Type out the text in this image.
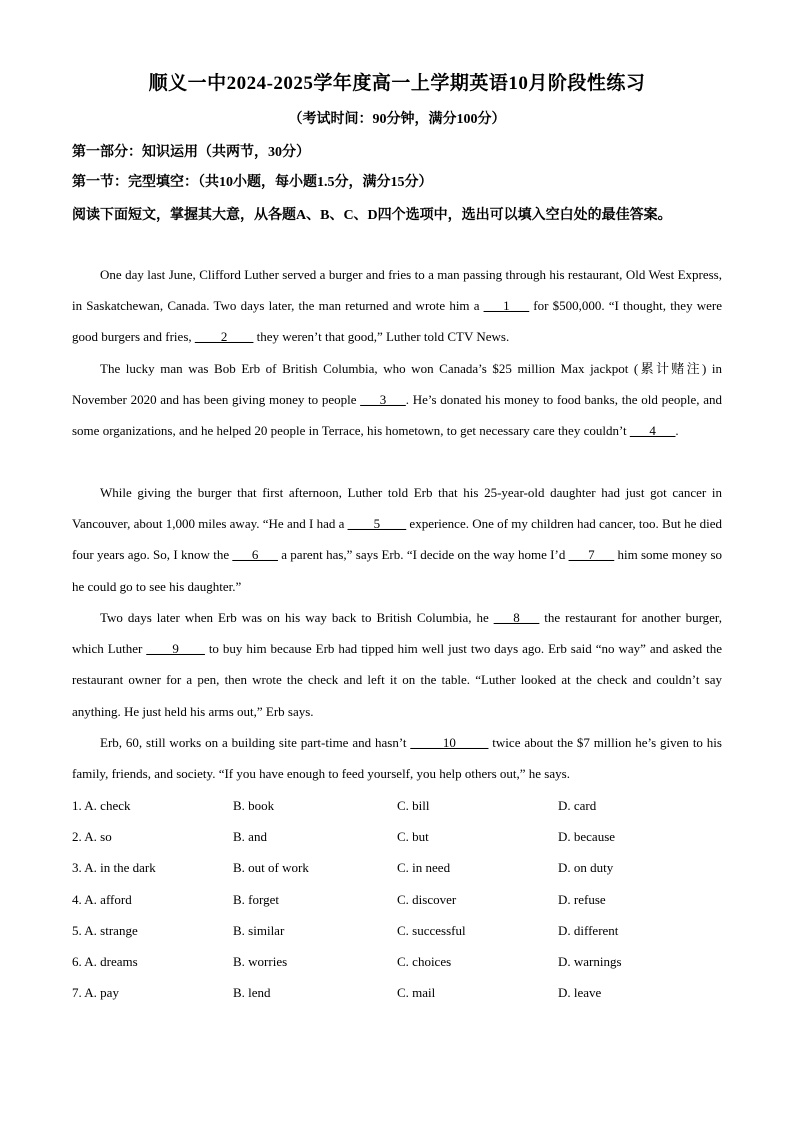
顺义一中2024-2025学年度高一上学期英语10月阶段性练习
（考试时间：90分钟，满分100分）
第一部分：知识运用（共两节，30分）
第一节：完型填空：（共10小题，每小题1.5分，满分15分）
阅读下面短文，掌握其大意，从各题A、B、C、D四个选项中，选出可以填入空白处的最佳答案。
One day last June, Clifford Luther served a burger and fries to a man passing through his restaurant, Old West Express, in Saskatchewan, Canada. Two days later, the man returned and wrote him a ___1___ for $500,000. “I thought, they were good burgers and fries, ____2____ they weren’t that good,” Luther told CTV News.
The lucky man was Bob Erb of British Columbia, who won Canada’s $25 million Max jackpot (累计赌注) in November 2020 and has been giving money to people ___3___. He’s donated his money to food banks, the old people, and some organizations, and he helped 20 people in Terrace, his hometown, to get necessary care they couldn’t ___4___.
While giving the burger that first afternoon, Luther told Erb that his 25-year-old daughter had just got cancer in Vancouver, about 1,000 miles away. “He and I had a ____5____ experience. One of my children had cancer, too. But he died four years ago. So, I know the ___6___ a parent has,” says Erb. “I decide on the way home I’d ___7___ him some money so he could go to see his daughter.”
Two days later when Erb was on his way back to British Columbia, he ___8___ the restaurant for another burger, which Luther ____9____ to buy him because Erb had tipped him well just two days ago. Erb said “no way” and asked the restaurant owner for a pen, then wrote the check and left it on the table. “Luther looked at the check and couldn’t say anything. He just held his arms out,” Erb says.
Erb, 60, still works on a building site part-time and hasn’t _____10_____ twice about the $7 million he’s given to his family, friends, and society. “If you have enough to feed yourself, you help others out,” he says.
1. A. check	B. book	C. bill	D. card
2. A. so	B. and	C. but	D. because
3. A. in the dark	B. out of work	C. in need	D. on duty
4. A. afford	B. forget	C. discover	D. refuse
5. A. strange	B. similar	C. successful	D. different
6. A. dreams	B. worries	C. choices	D. warnings
7. A. pay	B. lend	C. mail	D. leave
